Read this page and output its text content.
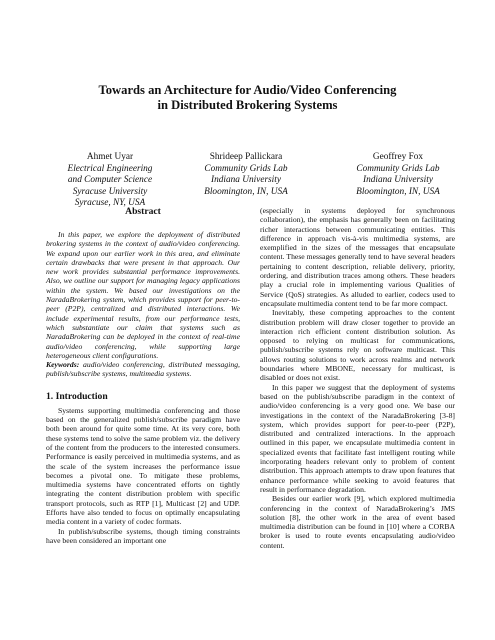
Towards an Architecture for Audio/Video Conferencing
in Distributed Brokering Systems
Ahmet Uyar
Electrical Engineering
and Computer Science
Syracuse University
Syracuse, NY, USA
Shrideep Pallickara
Community Grids Lab
Indiana University
Bloomington, IN, USA
Geoffrey Fox
Community Grids Lab
Indiana University
Bloomington, IN, USA
Abstract

In this paper, we explore the deployment of distributed brokering systems in the context of audio/video conferencing. We expand upon our earlier work in this area, and eliminate certain drawbacks that were present in that approach. Our new work provides substantial performance improvements. Also, we outline our support for managing legacy applications within the system. We based our investigations on the NaradaBrokering system, which provides support for peer-to-peer (P2P), centralized and distributed interactions. We include experimental results, from our performance tests, which substantiate our claim that systems such as NaradaBrokering can be deployed in the context of real-time audio/video conferencing, while supporting large heterogeneous client configurations.

Keywords: audio/video conferencing, distributed messaging, publish/subscribe systems, multimedia systems.

1. Introduction

Systems supporting multimedia conferencing and those based on the generalized publish/subscribe paradigm have both been around for quite some time. At its very core, both these systems tend to solve the same problem viz. the delivery of the content from the producers to the interested consumers. Performance is easily perceived in multimedia systems, and as the scale of the system increases the performance issue becomes a pivotal one. To mitigate these problems, multimedia systems have concentrated efforts on tightly integrating the content distribution problem with specific transport protocols, such as RTP [1], Multicast [2] and UDP. Efforts have also tended to focus on optimally encapsulating media content in a variety of codec formats.

In publish/subscribe systems, though timing constraints have been considered an important one

(especially in systems deployed for synchronous collaboration), the emphasis has generally been on facilitating richer interactions between communicating entities. This difference in approach vis-à-vis multimedia systems, are exemplified in the sizes of the messages that encapsulate content. These messages generally tend to have several headers pertaining to content description, reliable delivery, priority, ordering, and distribution traces among others. These headers play a crucial role in implementing various Qualities of Service (QoS) strategies. As alluded to earlier, codecs used to encapsulate multimedia content tend to be far more compact.

Inevitably, these competing approaches to the content distribution problem will draw closer together to provide an interaction rich efficient content distribution solution. As opposed to relying on multicast for communications, publish/subscribe systems rely on software multicast. This allows routing solutions to work across realms and network boundaries where MBONE, necessary for multicast, is disabled or does not exist.

In this paper we suggest that the deployment of systems based on the publish/subscribe paradigm in the context of audio/video conferencing is a very good one. We base our investigations in the context of the NaradaBrokering [3-8] system, which provides support for peer-to-peer (P2P), distributed and centralized interactions. In the approach outlined in this paper, we encapsulate multimedia content in specialized events that facilitate fast intelligent routing while incorporating headers relevant only to problem of content distribution. This approach attempts to draw upon features that enhance performance while seeking to avoid features that result in performance degradation.

Besides our earlier work [9], which explored multimedia conferencing in the context of NaradaBrokering’s JMS solution [8], the other work in the area of event based multimedia distribution can be found in [10] where a CORBA broker is used to route events encapsulating audio/video content.
